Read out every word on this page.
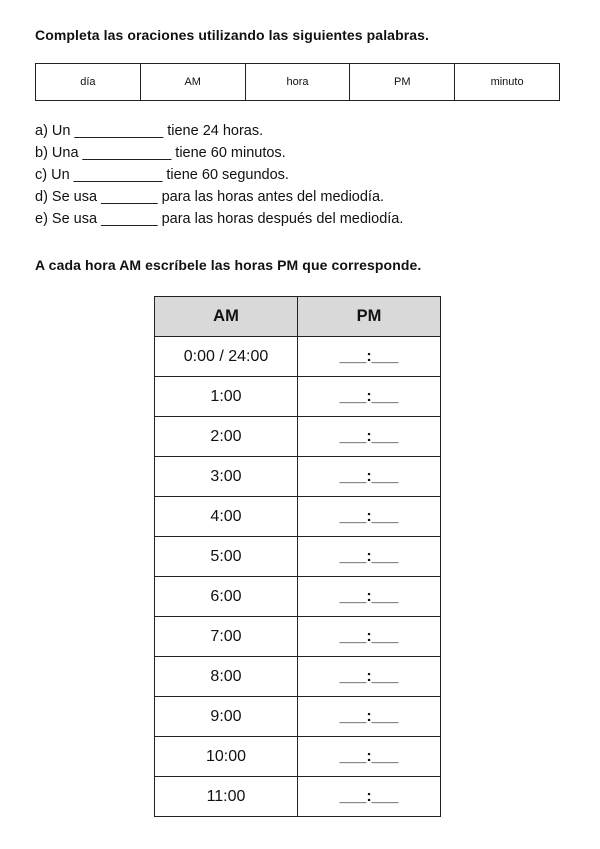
Completa las oraciones utilizando las siguientes palabras.
día	AM	hora	PM	minuto
a) Un ___________ tiene 24 horas.
b) Una ___________ tiene 60 minutos.
c) Un ___________ tiene 60 segundos.
d) Se usa _______ para las horas antes del mediodía.
e) Se usa _______ para las horas después del mediodía.
A cada hora AM escríbele las horas PM que corresponde.
AM	PM
0:00 / 24:00	___:___
1:00	___:___
2:00	___:___
3:00	___:___
4:00	___:___
5:00	___:___
6:00	___:___
7:00	___:___
8:00	___:___
9:00	___:___
10:00	___:___
11:00	___:___
